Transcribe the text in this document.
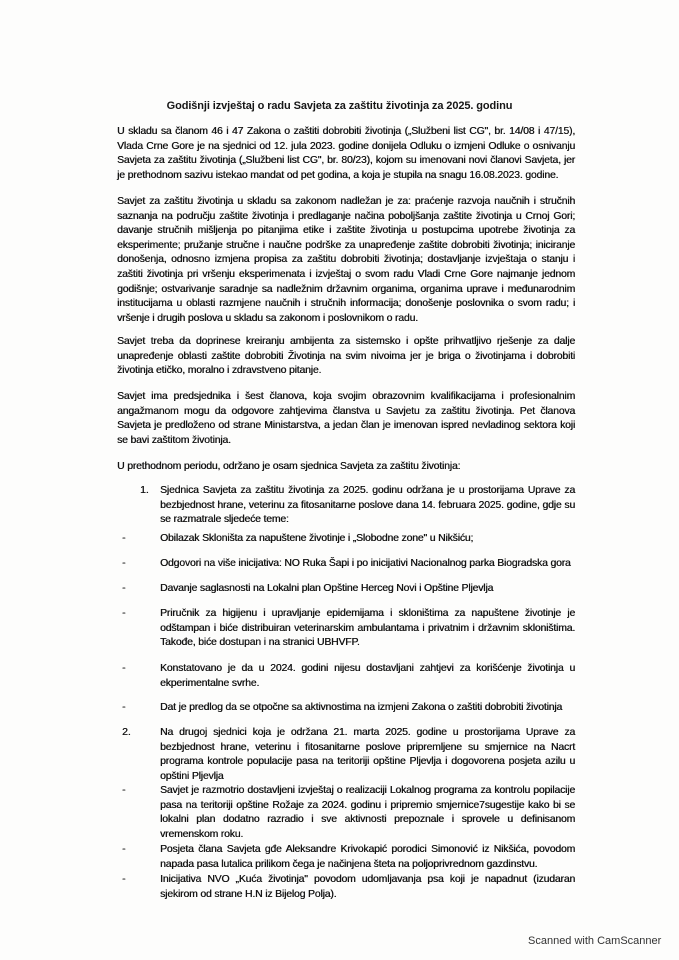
Godišnji izvještaj o radu Savjeta za zaštitu životinja za 2025. godinu

U skladu sa članom 46 i 47 Zakona o zaštiti dobrobiti životinja („Službeni list CG", br. 14/08 i 47/15), Vlada Crne Gore je na sjednici od 12. jula 2023. godine donijela Odluku o izmjeni Odluke o osnivanju Savjeta za zaštitu životinja („Službeni list CG", br. 80/23), kojom su imenovani novi članovi Savjeta, jer je prethodnom sazivu istekao mandat od pet godina, a koja je stupila na snagu 16.08.2023. godine.

Savjet za zaštitu životinja u skladu sa zakonom nadležan je za: praćenje razvoja naučnih i stručnih saznanja na području zaštite životinja i predlaganje načina poboljšanja zaštite životinja u Crnoj Gori; davanje stručnih mišljenja po pitanjima etike i zaštite životinja u postupcima upotrebe životinja za eksperimente; pružanje stručne i naučne podrške za unapređenje zaštite dobrobiti životinja; iniciranje donošenja, odnosno izmjena propisa za zaštitu dobrobiti životinja; dostavljanje izvještaja o stanju i zaštiti životinja pri vršenju eksperimenata i izvještaj o svom radu Vladi Crne Gore najmanje jednom godišnje; ostvarivanje saradnje sa nadležnim državnim organima, organima uprave i međunarodnim institucijama u oblasti razmjene naučnih i stručnih informacija; donošenje poslovnika o svom radu; i vršenje i drugih poslova u skladu sa zakonom i poslovnikom o radu.

Savjet treba da doprinese kreiranju ambijenta za sistemsko i opšte prihvatljivo rješenje za dalje unapređenje oblasti zaštite dobrobiti Životinja na svim nivoima jer je briga o životinjama i dobrobiti životinja etičko, moralno i zdravstveno pitanje.

Savjet ima predsjednika i šest članova, koja svojim obrazovnim kvalifikacijama i profesionalnim angažmanom mogu da odgovore zahtjevima članstva u Savjetu za zaštitu životinja. Pet članova Savjeta je predloženo od strane Ministarstva, a jedan član je imenovan ispred nevladinog sektora koji se bavi zaštitom životinja.

U prethodnom periodu, održano je osam sjednica Savjeta za zaštitu životinja:

1. Sjednica Savjeta za zaštitu životinja za 2025. godinu održana je u prostorijama Uprave za bezbjednost hrane, veterinu za fitosanitarne poslove dana 14. februara 2025. godine, gdje su se razmatrale sljedeće teme:

-	Obilazak Skloništa za napuštene životinje i „Slobodne zone" u Nikšiću;

-	Odgovori na više inicijativa: NO Ruka Šapi i po inicijativi Nacionalnog parka Biogradska gora

-	Davanje saglasnosti na Lokalni plan Opštine Herceg Novi i Opštine Pljevlja

-	Priručnik za higijenu i upravljanje epidemijama i skloništima za napuštene životinje je odštampan i biće distribuiran veterinarskim ambulantama i privatnim i državnim skloništima. Takođe, biće dostupan i na stranici UBHVFP.

-	Konstatovano je da u 2024. godini nijesu dostavljani zahtjevi za korišćenje životinja u ekperimentalne svrhe.

-	Dat je predlog da se otpočne sa aktivnostima na izmjeni Zakona o zaštiti dobrobiti životinja

2.	Na drugoj sjednici koja je održana 21. marta 2025. godine u prostorijama Uprave za bezbjednost hrane, veterinu i fitosanitarne poslove pripremljene su smjernice na Nacrt programa kontrole populacije pasa na teritoriji opštine Pljevlja i dogovorena posjeta azilu u opštini Pljevlja

-	Savjet je razmotrio dostavljeni izvještaj o realizaciji Lokalnog programa za kontrolu popilacije pasa na teritoriji opštine Rožaje za 2024. godinu i pripremio smjernice7sugestije kako bi se lokalni plan dodatno razradio i sve aktivnosti prepoznale i sprovele u definisanom vremenskom roku.

-	Posjeta člana Savjeta gđe Aleksandre Krivokapić porodici Simonović iz Nikšića, povodom napada pasa lutalica prilikom čega je načinjena šteta na poljoprivrednom gazdinstvu.

-	Inicijativa NVO „Kuća životinja" povodom udomljavanja psa koji je napadnut (izudaran sjekirom od strane H.N iz Bijelog Polja).

Scanned with CamScanner
